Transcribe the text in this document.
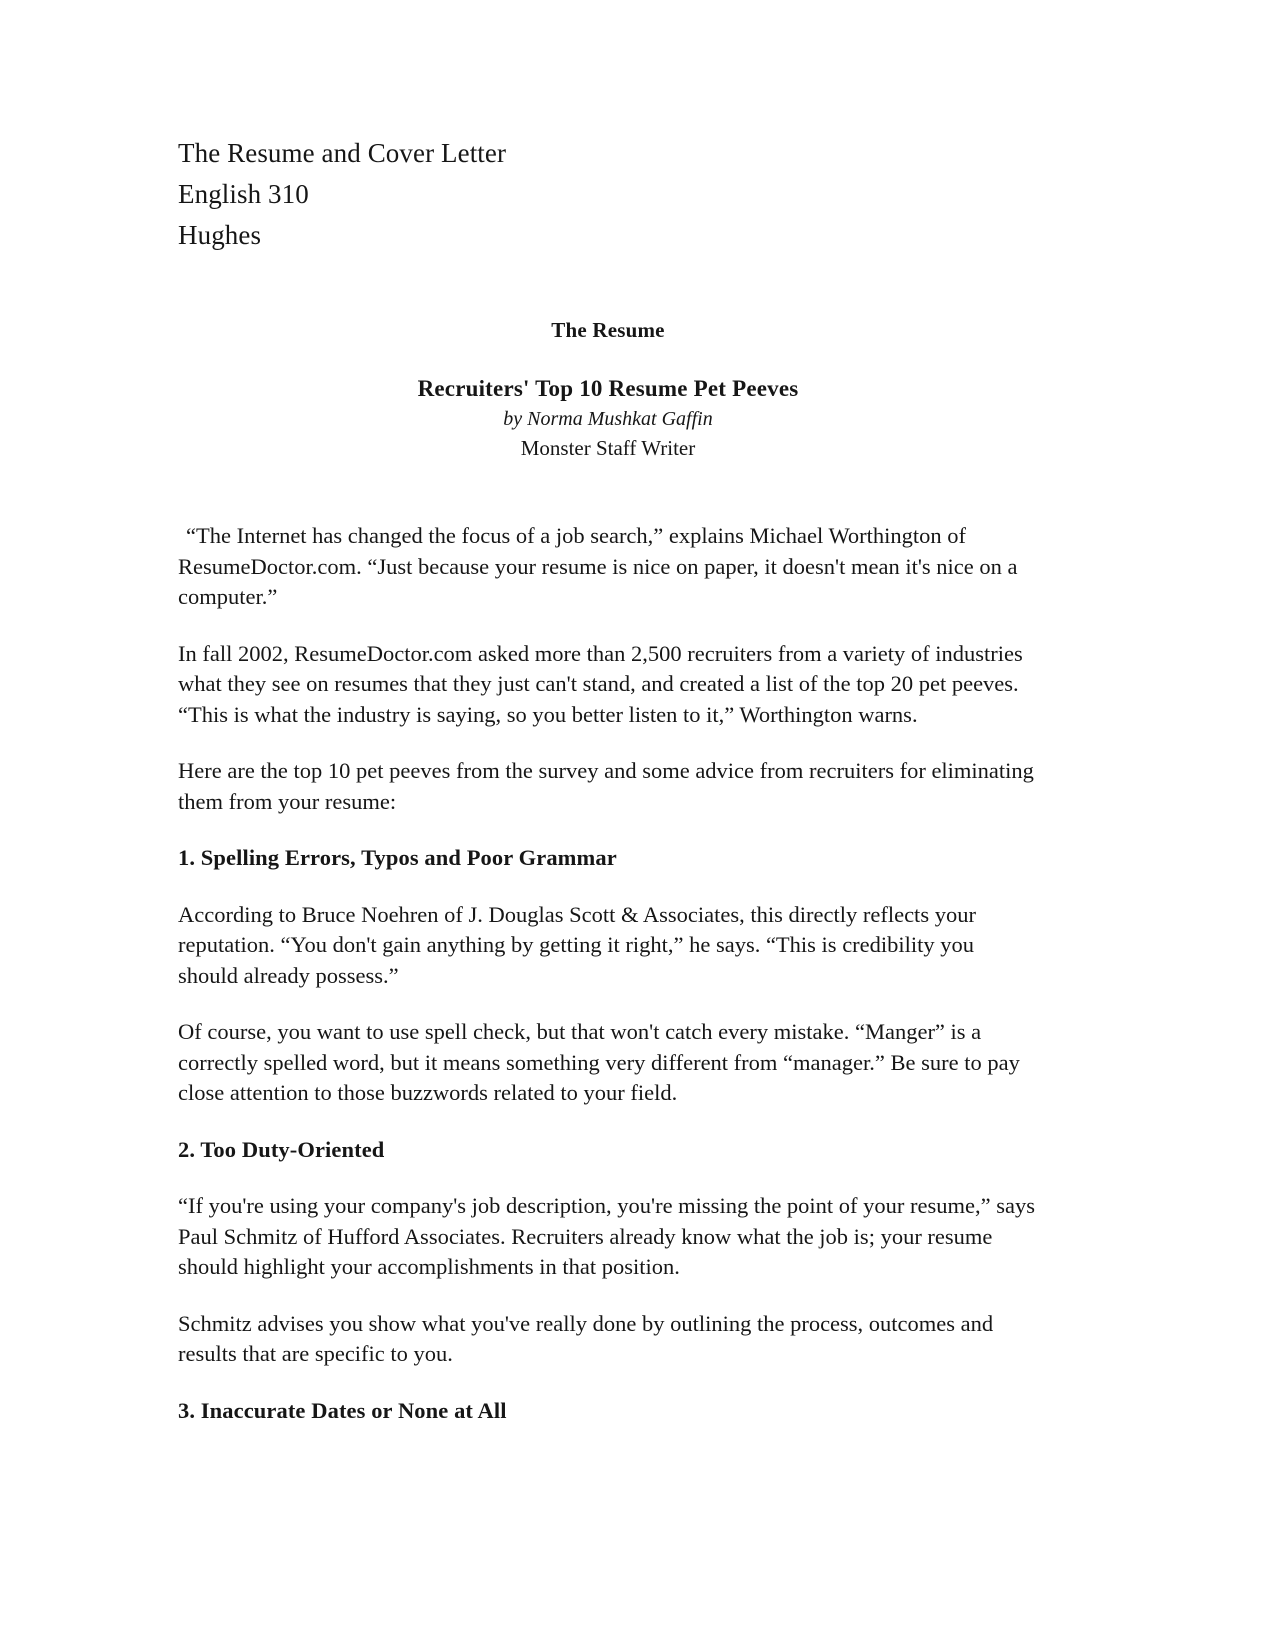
The Resume and Cover Letter
English 310
Hughes
The Resume
Recruiters' Top 10 Resume Pet Peeves
by Norma Mushkat Gaffin
Monster Staff Writer

“The Internet has changed the focus of a job search,” explains Michael Worthington of ResumeDoctor.com. “Just because your resume is nice on paper, it doesn't mean it's nice on a computer.”

In fall 2002, ResumeDoctor.com asked more than 2,500 recruiters from a variety of industries what they see on resumes that they just can't stand, and created a list of the top 20 pet peeves. “This is what the industry is saying, so you better listen to it,” Worthington warns.

Here are the top 10 pet peeves from the survey and some advice from recruiters for eliminating them from your resume:

1. Spelling Errors, Typos and Poor Grammar

According to Bruce Noehren of J. Douglas Scott & Associates, this directly reflects your reputation. “You don't gain anything by getting it right,” he says. “This is credibility you should already possess.”

Of course, you want to use spell check, but that won't catch every mistake. “Manger” is a correctly spelled word, but it means something very different from “manager.” Be sure to pay close attention to those buzzwords related to your field.

2. Too Duty-Oriented

“If you're using your company's job description, you're missing the point of your resume,” says Paul Schmitz of Hufford Associates. Recruiters already know what the job is; your resume should highlight your accomplishments in that position.

Schmitz advises you show what you've really done by outlining the process, outcomes and results that are specific to you.

3. Inaccurate Dates or None at All
